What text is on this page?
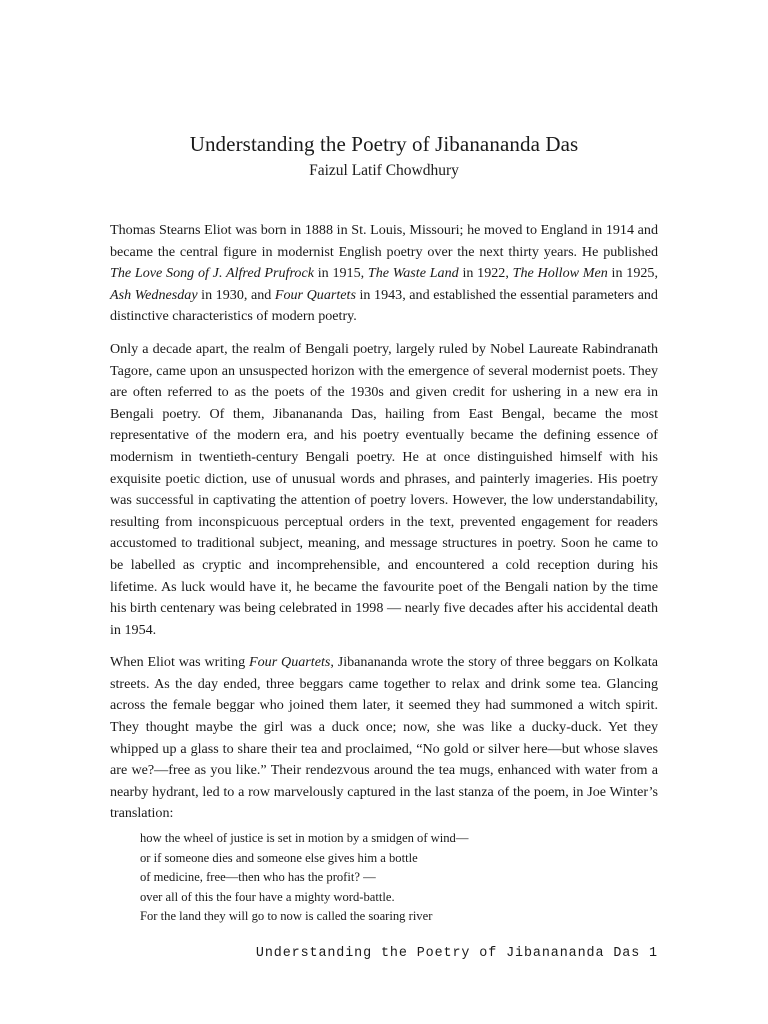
Understanding the Poetry of Jibanananda Das
Faizul Latif Chowdhury

Thomas Stearns Eliot was born in 1888 in St. Louis, Missouri; he moved to England in 1914 and became the central figure in modernist English poetry over the next thirty years. He published The Love Song of J. Alfred Prufrock in 1915, The Waste Land in 1922, The Hollow Men in 1925, Ash Wednesday in 1930, and Four Quartets in 1943, and established the essential parameters and distinctive characteristics of modern poetry.

Only a decade apart, the realm of Bengali poetry, largely ruled by Nobel Laureate Rabindranath Tagore, came upon an unsuspected horizon with the emergence of several modernist poets. They are often referred to as the poets of the 1930s and given credit for ushering in a new era in Bengali poetry. Of them, Jibanananda Das, hailing from East Bengal, became the most representative of the modern era, and his poetry eventually became the defining essence of modernism in twentieth-century Bengali poetry. He at once distinguished himself with his exquisite poetic diction, use of unusual words and phrases, and painterly imageries. His poetry was successful in captivating the attention of poetry lovers. However, the low understandability, resulting from inconspicuous perceptual orders in the text, prevented engagement for readers accustomed to traditional subject, meaning, and message structures in poetry. Soon he came to be labelled as cryptic and incomprehensible, and encountered a cold reception during his lifetime. As luck would have it, he became the favourite poet of the Bengali nation by the time his birth centenary was being celebrated in 1998 — nearly five decades after his accidental death in 1954.

When Eliot was writing Four Quartets, Jibanananda wrote the story of three beggars on Kolkata streets. As the day ended, three beggars came together to relax and drink some tea. Glancing across the female beggar who joined them later, it seemed they had summoned a witch spirit. They thought maybe the girl was a duck once; now, she was like a ducky-duck. Yet they whipped up a glass to share their tea and proclaimed, “No gold or silver here—but whose slaves are we?—free as you like.” Their rendezvous around the tea mugs, enhanced with water from a nearby hydrant, led to a row marvelously captured in the last stanza of the poem, in Joe Winter’s translation:

how the wheel of justice is set in motion by a smidgen of wind—
or if someone dies and someone else gives him a bottle
of medicine, free—then who has the profit? —
over all of this the four have a mighty word-battle.
For the land they will go to now is called the soaring river
Understanding the Poetry of Jibanananda Das 1
